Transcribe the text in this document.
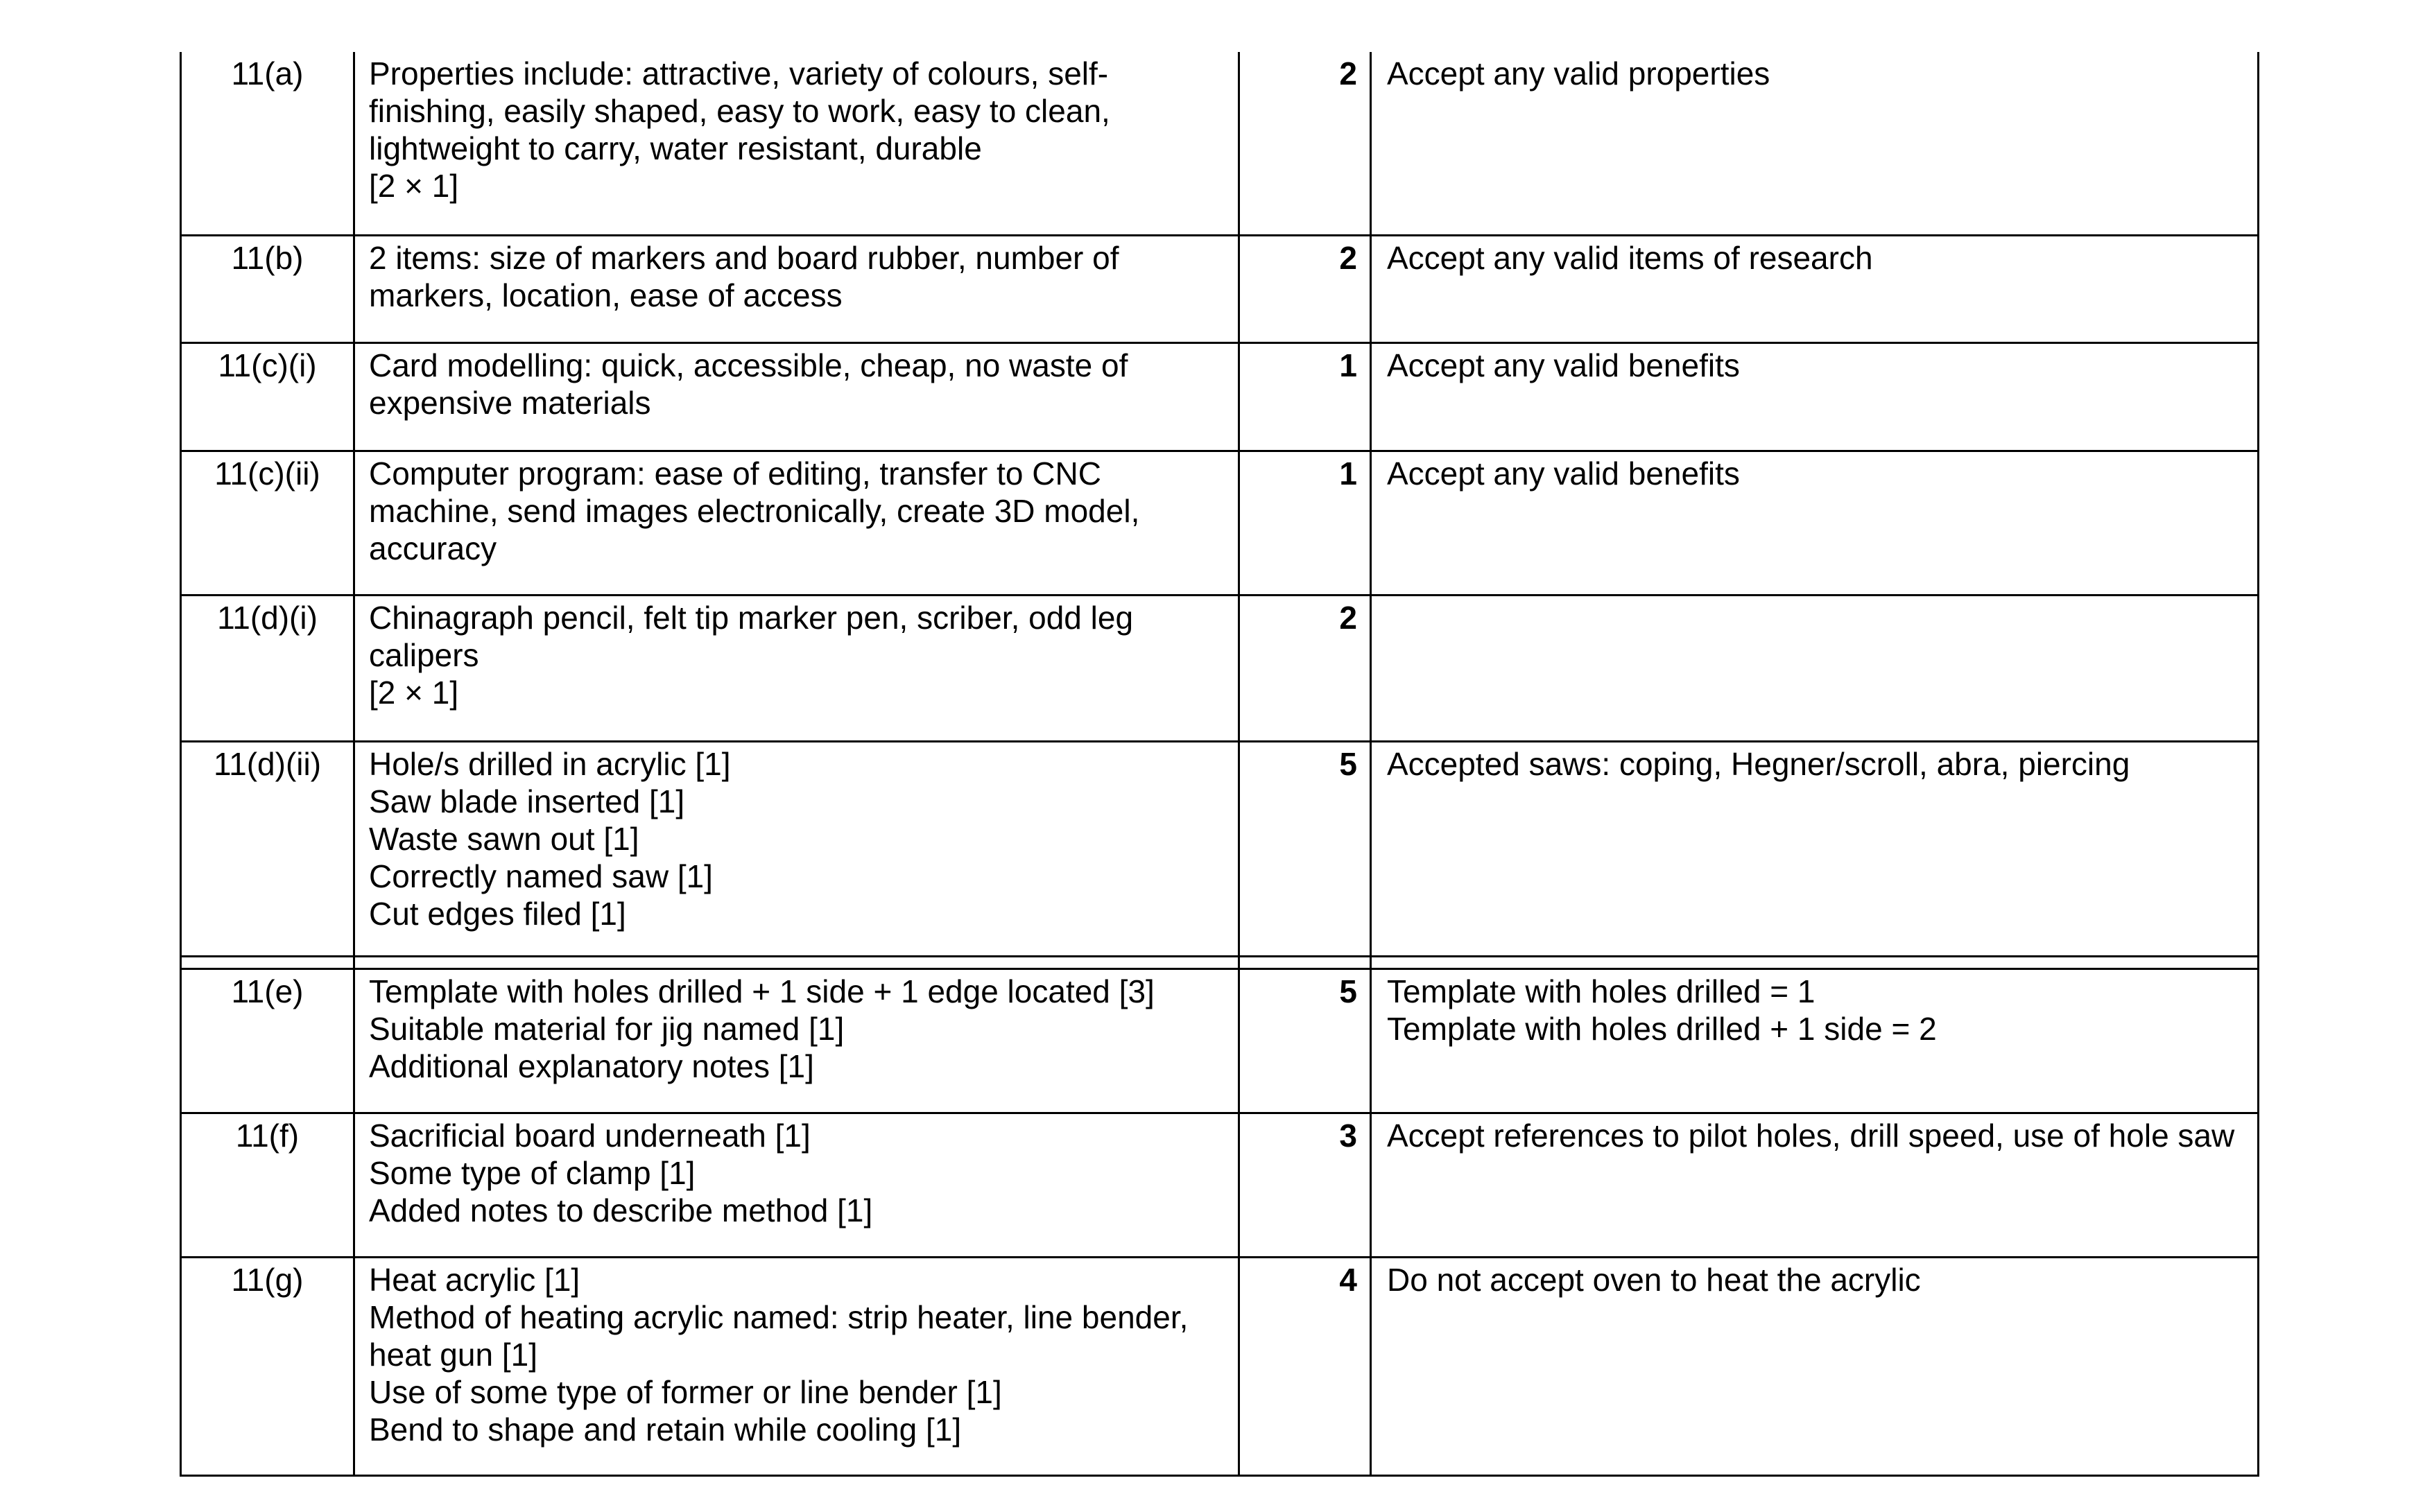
11(a)	Properties include: attractive, variety of colours, self-
finishing, easily shaped, easy to work, easy to clean,
lightweight to carry, water resistant, durable
[2 × 1]	2	Accept any valid properties

11(b)	2 items: size of markers and board rubber, number of
markers, location, ease of access	2	Accept any valid items of research

11(c)(i)	Card modelling: quick, accessible, cheap, no waste of
expensive materials	1	Accept any valid benefits

11(c)(ii)	Computer program: ease of editing, transfer to CNC
machine, send images electronically, create 3D model,
accuracy	1	Accept any valid benefits

11(d)(i)	Chinagraph pencil, felt tip marker pen, scriber, odd leg
calipers
[2 × 1]	2	
11(d)(ii)	Hole/s drilled in acrylic [1]
Saw blade inserted [1]
Waste sawn out [1]
Correctly named saw [1]
Cut edges filed [1]	5	Accepted saws: coping, Hegner/scroll, abra, piercing

11(e)	Template with holes drilled + 1 side + 1 edge located [3]
Suitable material for jig named [1]
Additional explanatory notes [1]	5	Template with holes drilled = 1
Template with holes drilled + 1 side = 2

11(f)	Sacrificial board underneath [1]
Some type of clamp [1]
Added notes to describe method [1]	3	Accept references to pilot holes, drill speed, use of hole saw

11(g)	Heat acrylic [1]
Method of heating acrylic named: strip heater, line bender,
heat gun [1]
Use of some type of former or line bender [1]
Bend to shape and retain while cooling [1]	4	Do not accept oven to heat the acrylic
